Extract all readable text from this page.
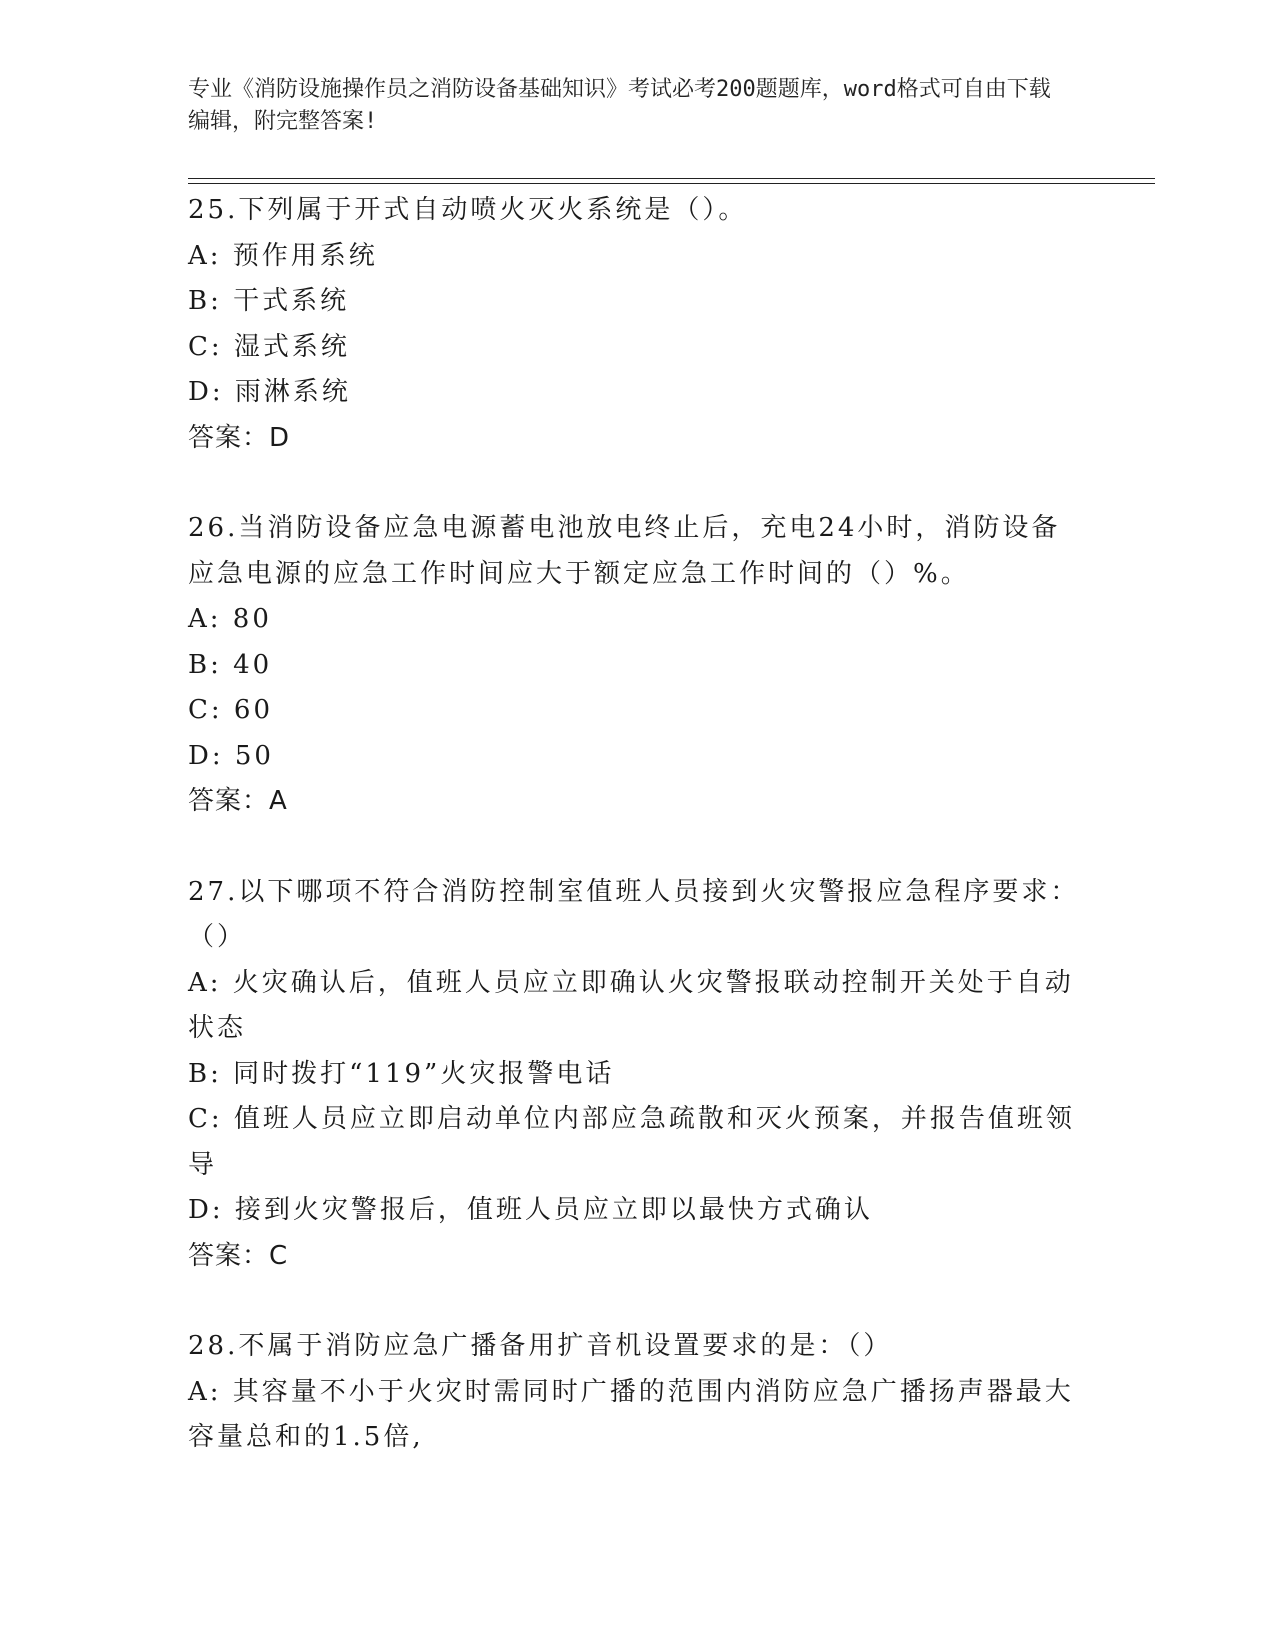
专业《消防设施操作员之消防设备基础知识》考试必考200题题库，word格式可自由下载编辑，附完整答案!
25.下列属于开式自动喷火灭火系统是（）。
A: 预作用系统
B: 干式系统
C: 湿式系统
D: 雨淋系统
答案：D
26.当消防设备应急电源蓄电池放电终止后，充电24小时，消防设备应急电源的应急工作时间应大于额定应急工作时间的（）%。
A: 80
B: 40
C: 60
D: 50
答案：A
27.以下哪项不符合消防控制室值班人员接到火灾警报应急程序要求：（）
A: 火灾确认后，值班人员应立即确认火灾警报联动控制开关处于自动状态
B: 同时拨打“119”火灾报警电话
C: 值班人员应立即启动单位内部应急疏散和灭火预案，并报告值班领导
D: 接到火灾警报后，值班人员应立即以最快方式确认
答案：C
28.不属于消防应急广播备用扩音机设置要求的是：（）
A: 其容量不小于火灾时需同时广播的范围内消防应急广播扬声器最大容量总和的1.5倍,
